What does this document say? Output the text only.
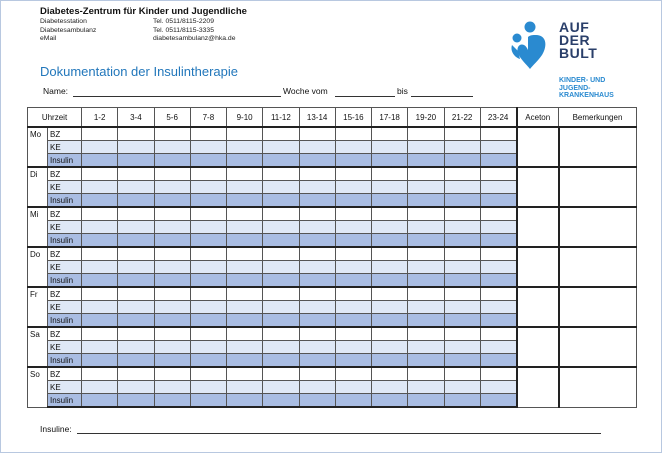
Diabetes-Zentrum für Kinder und Jugendliche
Diabetesstation
Diabetesambulanz
eMail
Tel. 0511/8115-2209
Tel. 0511/8115-3335
diabetesambulanz@hka.de
Dokumentation der Insulintherapie
AUF
DER
BULT
KINDER- UND
JUGEND-
KRANKENHAUS
Name:	Woche vom	bis
Uhrzeit		1-2	3-4	5-6	7-8	9-10	11-12	13-14	15-16	17-18	19-20	21-22	23-24	Aceton	Bemerkungen
Mo	BZ														
	KE														
	Insulin														
Di	BZ														
	KE														
	Insulin														
Mi	BZ														
	KE														
	Insulin														
Do	BZ														
	KE														
	Insulin														
Fr	BZ														
	KE														
	Insulin														
Sa	BZ														
	KE														
	Insulin														
So	BZ														
	KE														
	Insulin														
Insuline:
